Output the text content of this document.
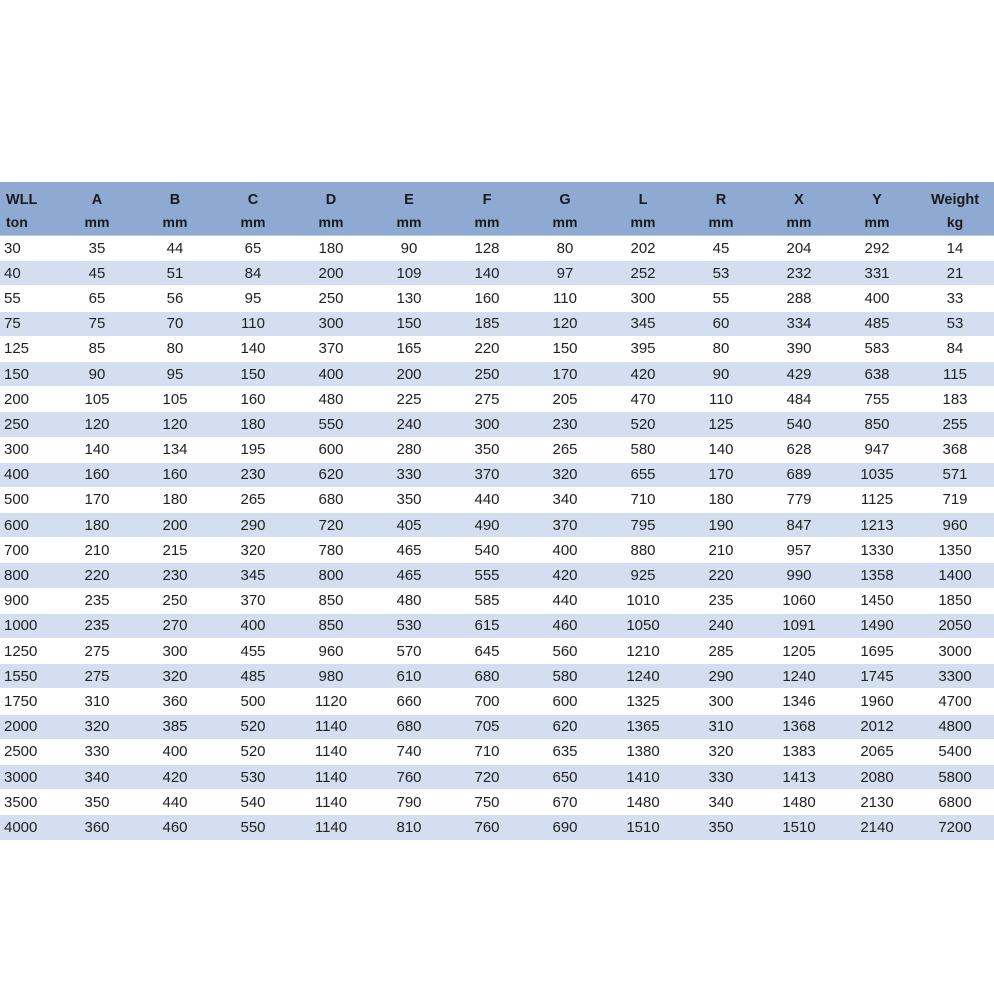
WLL	A	B	C	D	E	F	G	L	R	X	Y	Weight
ton	mm	mm	mm	mm	mm	mm	mm	mm	mm	mm	mm	kg
30	35	44	65	180	90	128	80	202	45	204	292	14
40	45	51	84	200	109	140	97	252	53	232	331	21
55	65	56	95	250	130	160	110	300	55	288	400	33
75	75	70	110	300	150	185	120	345	60	334	485	53
125	85	80	140	370	165	220	150	395	80	390	583	84
150	90	95	150	400	200	250	170	420	90	429	638	115
200	105	105	160	480	225	275	205	470	110	484	755	183
250	120	120	180	550	240	300	230	520	125	540	850	255
300	140	134	195	600	280	350	265	580	140	628	947	368
400	160	160	230	620	330	370	320	655	170	689	1035	571
500	170	180	265	680	350	440	340	710	180	779	1125	719
600	180	200	290	720	405	490	370	795	190	847	1213	960
700	210	215	320	780	465	540	400	880	210	957	1330	1350
800	220	230	345	800	465	555	420	925	220	990	1358	1400
900	235	250	370	850	480	585	440	1010	235	1060	1450	1850
1000	235	270	400	850	530	615	460	1050	240	1091	1490	2050
1250	275	300	455	960	570	645	560	1210	285	1205	1695	3000
1550	275	320	485	980	610	680	580	1240	290	1240	1745	3300
1750	310	360	500	1120	660	700	600	1325	300	1346	1960	4700
2000	320	385	520	1140	680	705	620	1365	310	1368	2012	4800
2500	330	400	520	1140	740	710	635	1380	320	1383	2065	5400
3000	340	420	530	1140	760	720	650	1410	330	1413	2080	5800
3500	350	440	540	1140	790	750	670	1480	340	1480	2130	6800
4000	360	460	550	1140	810	760	690	1510	350	1510	2140	7200
